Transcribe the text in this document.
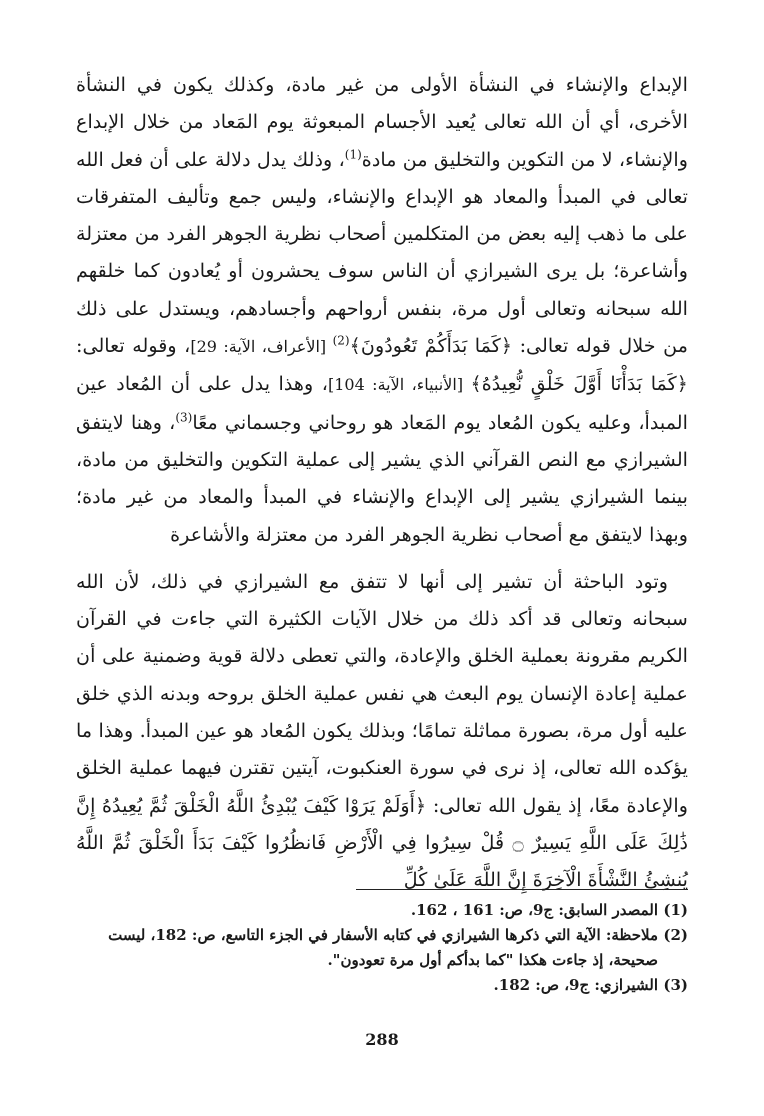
الإبداع والإنشاء في النشأة الأولى من غير مادة، وكذلك يكون في النشأة الأخرى، أي أن الله تعالى يُعيد الأجسام المبعوثة يوم المَعاد من خلال الإبداع والإنشاء، لا من التكوين والتخليق من مادة$^{(1)}$، وذلك يدل دلالة على أن فعل الله تعالى في المبدأ والمعاد هو الإبداع والإنشاء، وليس جمع وتأليف المتفرقات على ما ذهب إليه بعض من المتكلمين أصحاب نظرية الجوهر الفرد من معتزلة وأشاعرة؛ بل يرى الشيرازي أن الناس سوف يحشرون أو يُعادون كما خلقهم الله سبحانه وتعالى أول مرة، بنفس أرواحهم وأجسادهم، ويستدل على ذلك من خلال قوله تعالى: ﴿كَمَا بَدَأَكُمْ تَعُودُونَ﴾$^{(2)}$ [الأعراف، الآية: 29]، وقوله تعالى: ﴿كَمَا بَدَأْنَا أَوَّلَ خَلْقٍ نُّعِيدُهُ﴾ [الأنبياء، الآية: 104]، وهذا يدل على أن المُعاد عين المبدأ، وعليه يكون المُعاد يوم المَعاد هو روحاني وجسماني معًا$^{(3)}$، وهنا لايتفق الشيرازي مع النص القرآني الذي يشير إلى عملية التكوين والتخليق من مادة، بينما الشيرازي يشير إلى الإبداع والإنشاء في المبدأ والمعاد من غير مادة؛ وبهذا لايتفق مع أصحاب نظرية الجوهر الفرد من معتزلة والأشاعرة

وتود الباحثة أن تشير إلى أنها لا تتفق مع الشيرازي في ذلك، لأن الله سبحانه وتعالى قد أكد ذلك من خلال الآيات الكثيرة التي جاءت في القرآن الكريم مقرونة بعملية الخلق والإعادة، والتي تعطى دلالة قوية وضمنية على أن عملية إعادة الإنسان يوم البعث هي نفس عملية الخلق بروحه وبدنه الذي خلق عليه أول مرة، بصورة مماثلة تمامًا؛ وبذلك يكون المُعاد هو عين المبدأ. وهذا ما يؤكده الله تعالى، إذ نرى في سورة العنكبوت، آيتين تقترن فيهما عملية الخلق والإعادة معًا، إذ يقول الله تعالى: ﴿أَوَلَمْ يَرَوْا كَيْفَ يُبْدِئُ اللَّهُ الْخَلْقَ ثُمَّ يُعِيدُهُ إِنَّ ذَٰلِكَ عَلَى اللَّهِ يَسِيرٌ ۝ قُلْ سِيرُوا فِي الْأَرْضِ فَانظُرُوا كَيْفَ بَدَأَ الْخَلْقَ ثُمَّ اللَّهُ يُنشِئُ النَّشْأَةَ الْآخِرَةَ إِنَّ اللَّهَ عَلَىٰ كُلِّ

(1)
المصدر السابق: ج9، ص: 161 ، 162.

(2)
ملاحظة: الآية التي ذكرها الشيرازي في كتابه الأسفار في الجزء التاسع، ص: 182، ليست صحيحة، إذ جاءت هكذا "كما بدأكم أول مرة تعودون".

(3)
الشيرازي: ج9، ص: 182.

288
